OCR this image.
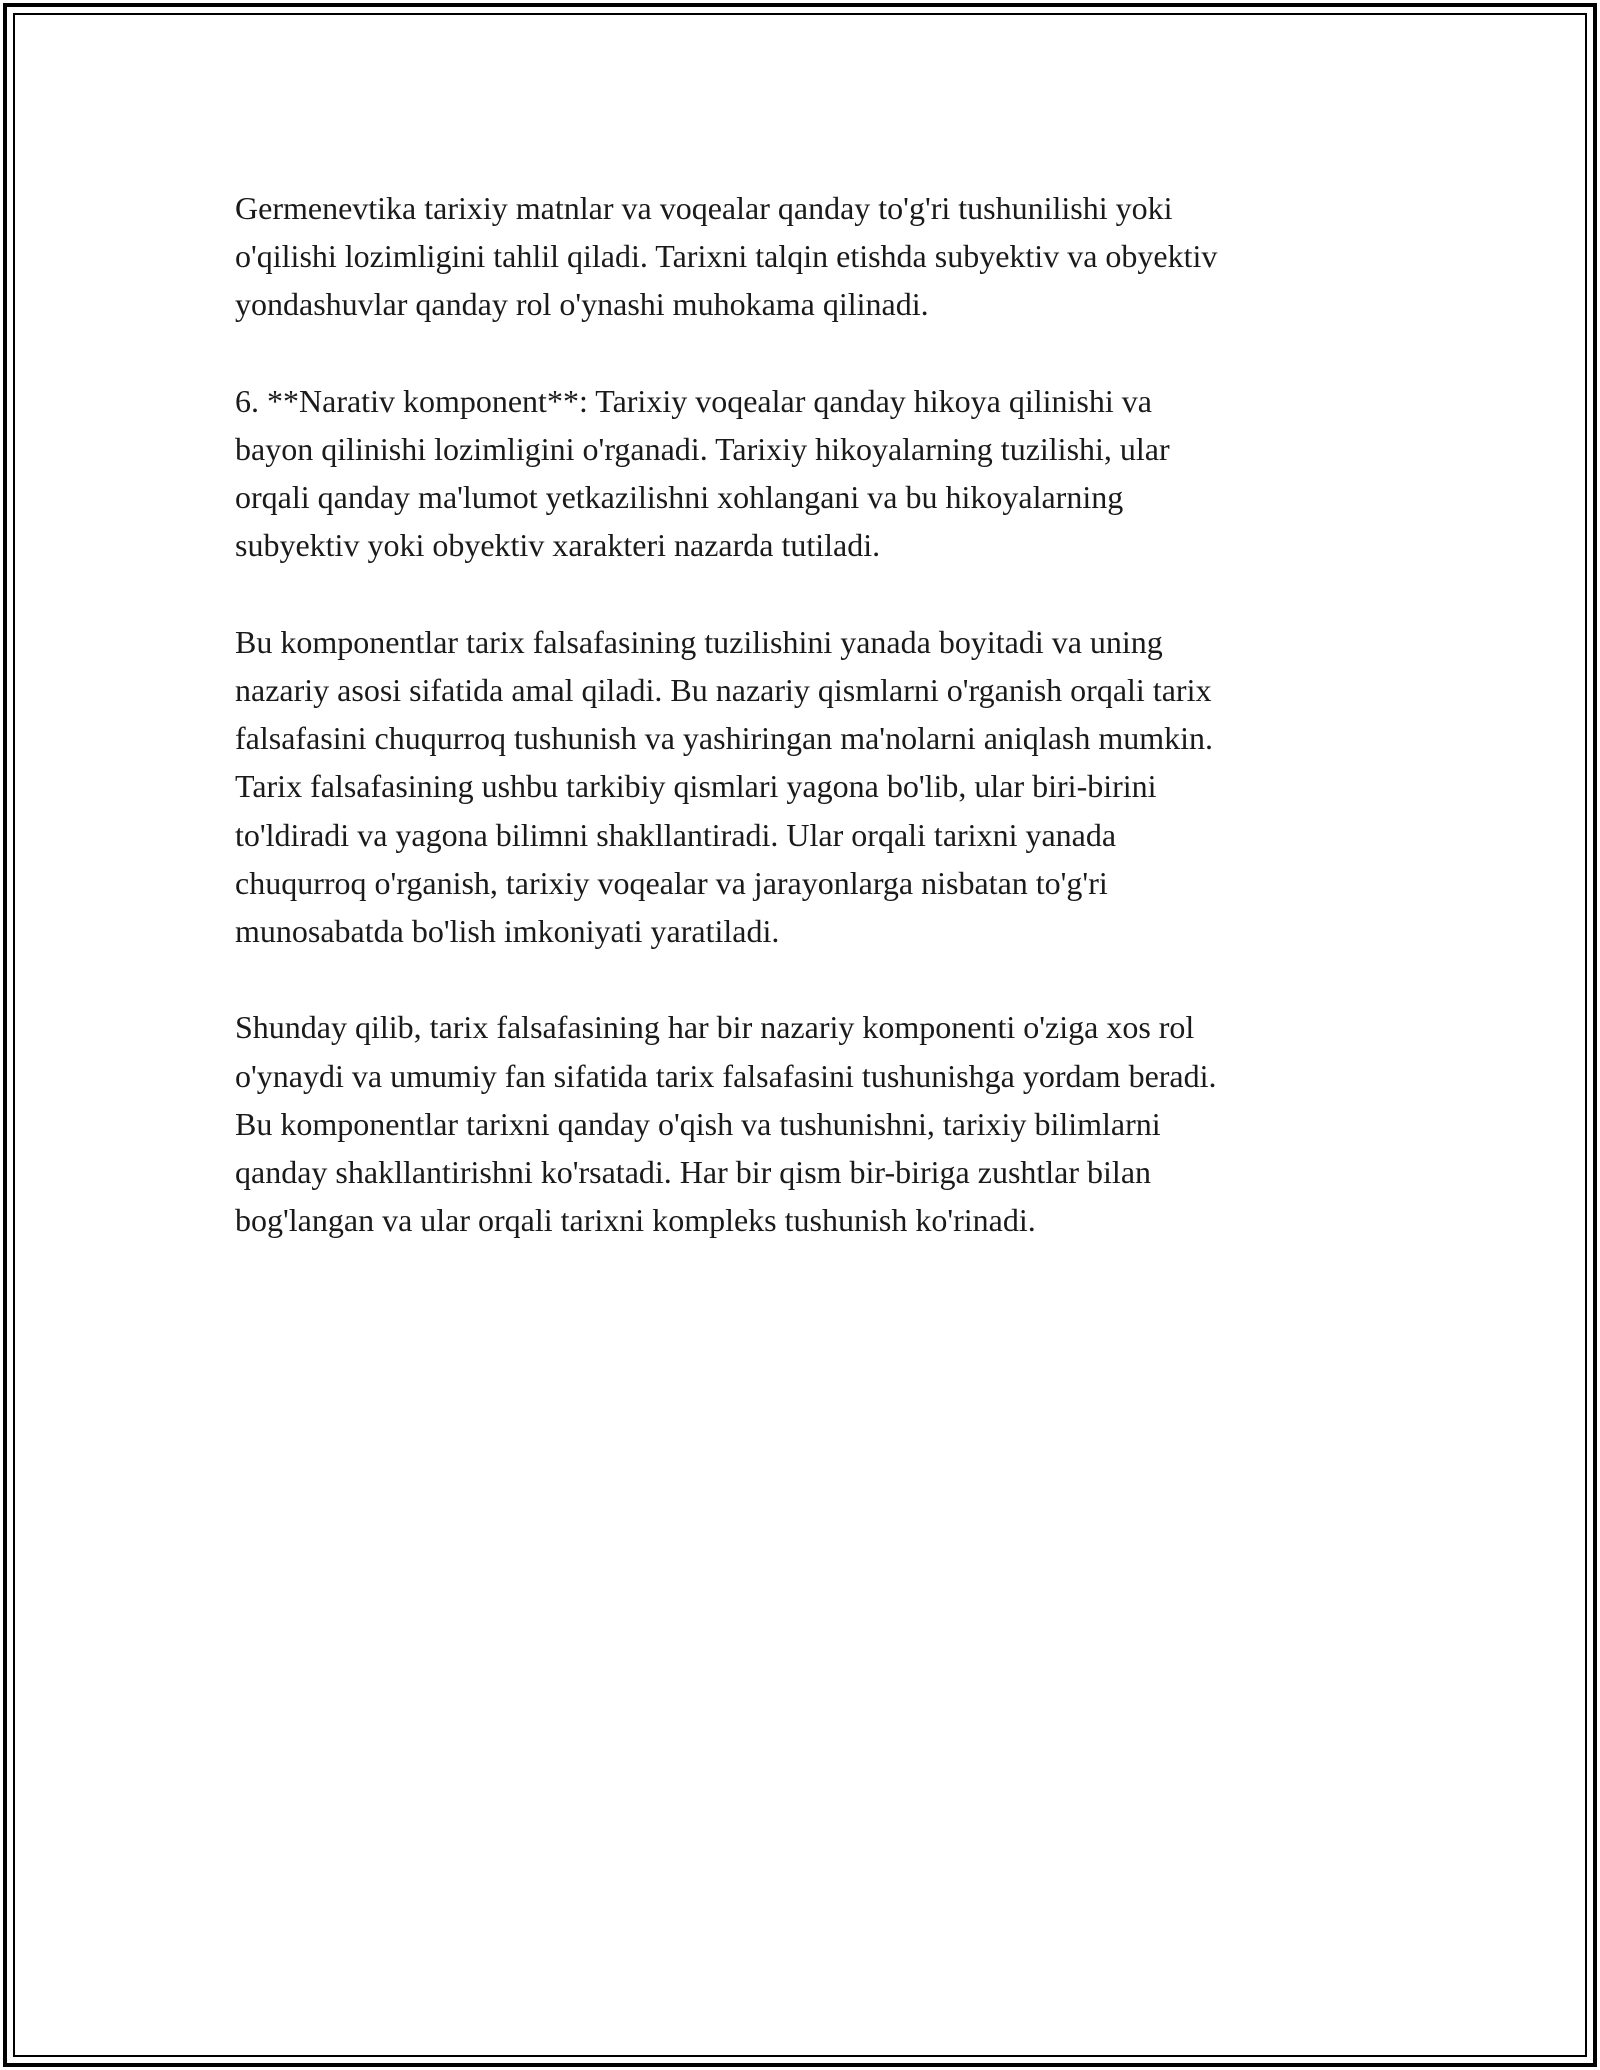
Germenevtika tarixiy matnlar va voqealar qanday to'g'ri tushunilishi yoki
o'qilishi lozimligini tahlil qiladi. Tarixni talqin etishda subyektiv va obyektiv
yondashuvlar qanday rol o'ynashi muhokama qilinadi.

6. **Narativ komponent**: Tarixiy voqealar qanday hikoya qilinishi va
bayon qilinishi lozimligini o'rganadi. Tarixiy hikoyalarning tuzilishi, ular
orqali qanday ma'lumot yetkazilishni xohlangani va bu hikoyalarning
subyektiv yoki obyektiv xarakteri nazarda tutiladi.

Bu komponentlar tarix falsafasining tuzilishini yanada boyitadi va uning
nazariy asosi sifatida amal qiladi. Bu nazariy qismlarni o'rganish orqali tarix
falsafasini chuqurroq tushunish va yashiringan ma'nolarni aniqlash mumkin.
Tarix falsafasining ushbu tarkibiy qismlari yagona bo'lib, ular biri-birini
to'ldiradi va yagona bilimni shakllantiradi. Ular orqali tarixni yanada
chuqurroq o'rganish, tarixiy voqealar va jarayonlarga nisbatan to'g'ri
munosabatda bo'lish imkoniyati yaratiladi.

Shunday qilib, tarix falsafasining har bir nazariy komponenti o'ziga xos rol
o'ynaydi va umumiy fan sifatida tarix falsafasini tushunishga yordam beradi.
Bu komponentlar tarixni qanday o'qish va tushunishni, tarixiy bilimlarni
qanday shakllantirishni ko'rsatadi. Har bir qism bir-biriga zushtlar bilan
bog'langan va ular orqali tarixni kompleks tushunish ko'rinadi.
